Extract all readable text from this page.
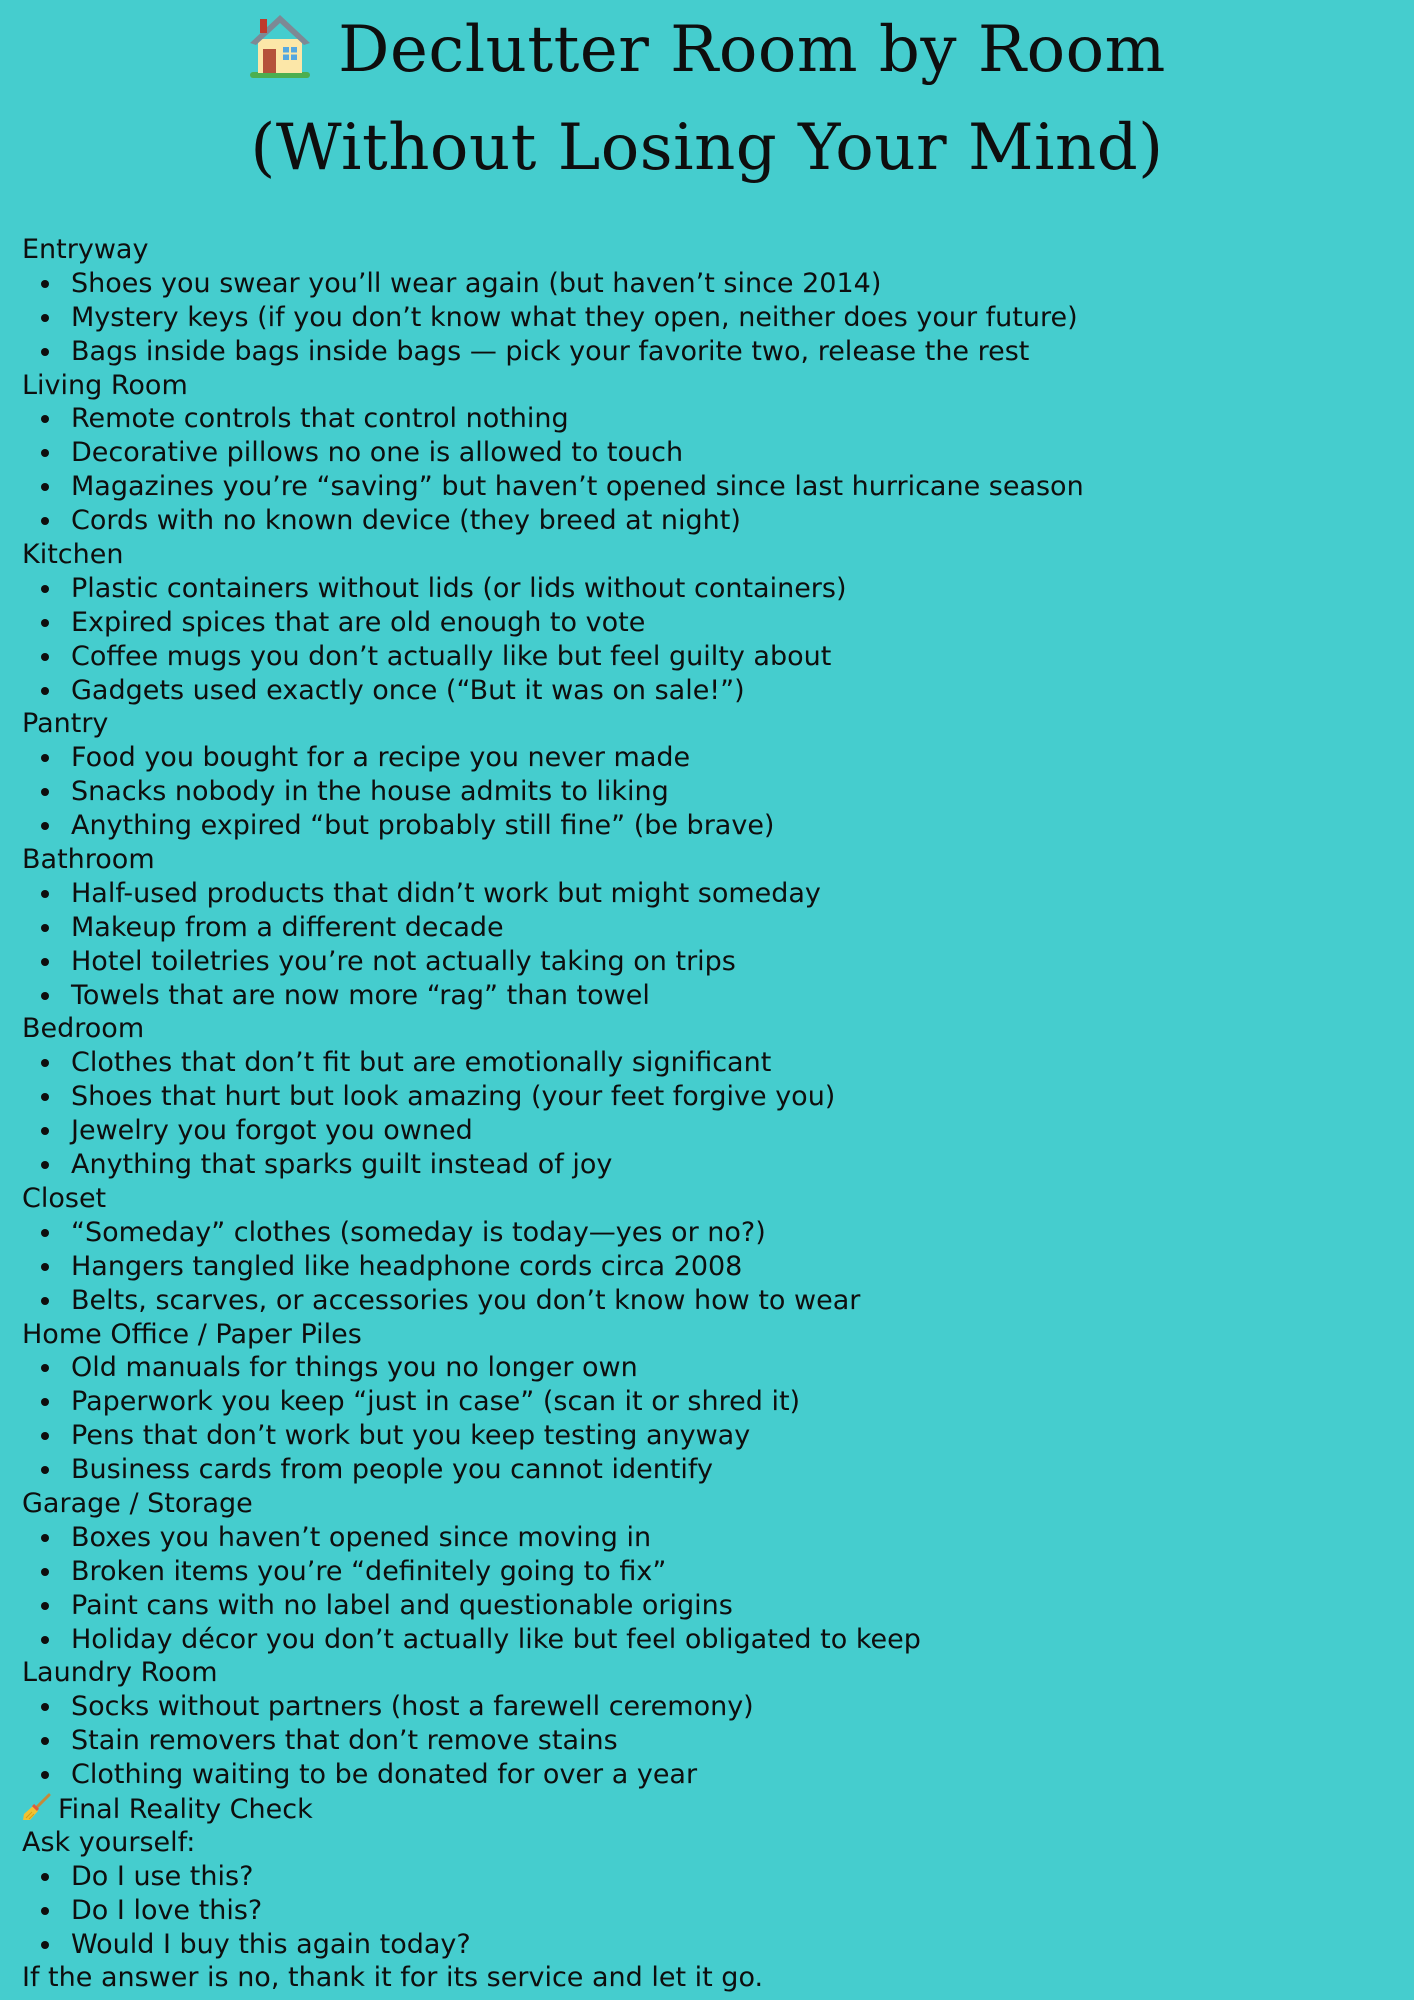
Declutter Room by Room
(Without Losing Your Mind)
Entryway
Shoes you swear you’ll wear again (but haven’t since 2014)
Mystery keys (if you don’t know what they open, neither does your future)
Bags inside bags inside bags — pick your favorite two, release the rest
Living Room
Remote controls that control nothing
Decorative pillows no one is allowed to touch
Magazines you’re “saving” but haven’t opened since last hurricane season
Cords with no known device (they breed at night)
Kitchen
Plastic containers without lids (or lids without containers)
Expired spices that are old enough to vote
Coffee mugs you don’t actually like but feel guilty about
Gadgets used exactly once (“But it was on sale!”)
Pantry
Food you bought for a recipe you never made
Snacks nobody in the house admits to liking
Anything expired “but probably still fine” (be brave)
Bathroom
Half-used products that didn’t work but might someday
Makeup from a different decade
Hotel toiletries you’re not actually taking on trips
Towels that are now more “rag” than towel
Bedroom
Clothes that don’t fit but are emotionally significant
Shoes that hurt but look amazing (your feet forgive you)
Jewelry you forgot you owned
Anything that sparks guilt instead of joy
Closet
“Someday” clothes (someday is today—yes or no?)
Hangers tangled like headphone cords circa 2008
Belts, scarves, or accessories you don’t know how to wear
Home Office / Paper Piles
Old manuals for things you no longer own
Paperwork you keep “just in case” (scan it or shred it)
Pens that don’t work but you keep testing anyway
Business cards from people you cannot identify
Garage / Storage
Boxes you haven’t opened since moving in
Broken items you’re “definitely going to fix”
Paint cans with no label and questionable origins
Holiday décor you don’t actually like but feel obligated to keep
Laundry Room
Socks without partners (host a farewell ceremony)
Stain removers that don’t remove stains
Clothing waiting to be donated for over a year
Final Reality Check
Ask yourself:
Do I use this?
Do I love this?
Would I buy this again today?
If the answer is no, thank it for its service and let it go.
